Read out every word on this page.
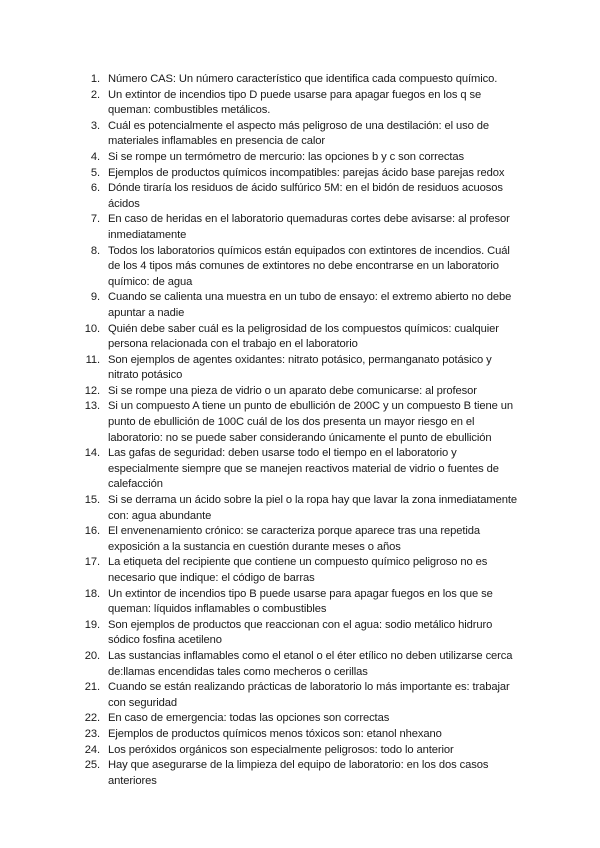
1 . Número CAS: Un número característico que identifica cada compuesto químico.
2 . Un extintor de incendios tipo D puede usarse para apagar fuegos en los q se queman: combustibles metálicos.
3 . Cuál es potencialmente el aspecto más peligroso de una destilación: el uso de materiales inflamables en presencia de calor
4 . Si se rompe un termómetro de mercurio: las opciones b y c son correctas
5 . Ejemplos de productos químicos incompatibles: parejas ácido base parejas redox
6 . Dónde tiraría los residuos de ácido sulfúrico 5M: en el bidón de residuos acuosos ácidos
7 . En caso de heridas en el laboratorio quemaduras cortes debe avisarse: al profesor inmediatamente
8 . Todos los laboratorios químicos están equipados con extintores de incendios. Cuál de los 4 tipos más comunes de extintores no debe encontrarse en un laboratorio químico: de agua
9 . Cuando se calienta una muestra en un tubo de ensayo: el extremo abierto no debe apuntar a nadie
10 . Quién debe saber cuál es la peligrosidad de los compuestos químicos: cualquier persona relacionada con el trabajo en el laboratorio
11 . Son ejemplos de agentes oxidantes: nitrato potásico, permanganato potásico y nitrato potásico
12 . Si se rompe una pieza de vidrio o un aparato debe comunicarse: al profesor
13 . Si un compuesto A tiene un punto de ebullición de 200C y un compuesto B tiene un punto de ebullición de 100C cuál de los dos presenta un mayor riesgo en el laboratorio: no se puede saber considerando únicamente el punto de ebullición
14 . Las gafas de seguridad: deben usarse todo el tiempo en el laboratorio y especialmente siempre que se manejen reactivos material de vidrio o fuentes de calefacción
15 . Si se derrama un ácido sobre la piel o la ropa hay que lavar la zona inmediatamente con: agua abundante
16 . El envenenamiento crónico: se caracteriza porque aparece tras una repetida exposición a la sustancia en cuestión durante meses o años
17 . La etiqueta del recipiente que contiene un compuesto químico peligroso no es necesario que indique: el código de barras
18 . Un extintor de incendios tipo B puede usarse para apagar fuegos en los que se queman: líquidos inflamables o combustibles
19 . Son ejemplos de productos que reaccionan con el agua: sodio metálico hidruro sódico fosfina acetileno
20 . Las sustancias inflamables como el etanol o el éter etílico no deben utilizarse cerca de:llamas encendidas tales como mecheros o cerillas
21 . Cuando se están realizando prácticas de laboratorio lo más importante es: trabajar con seguridad
22 . En caso de emergencia: todas las opciones son correctas
23 . Ejemplos de productos químicos menos tóxicos son: etanol nhexano
24 . Los peróxidos orgánicos son especialmente peligrosos: todo lo anterior
25 . Hay que asegurarse de la limpieza del equipo de laboratorio: en los dos casos anteriores
